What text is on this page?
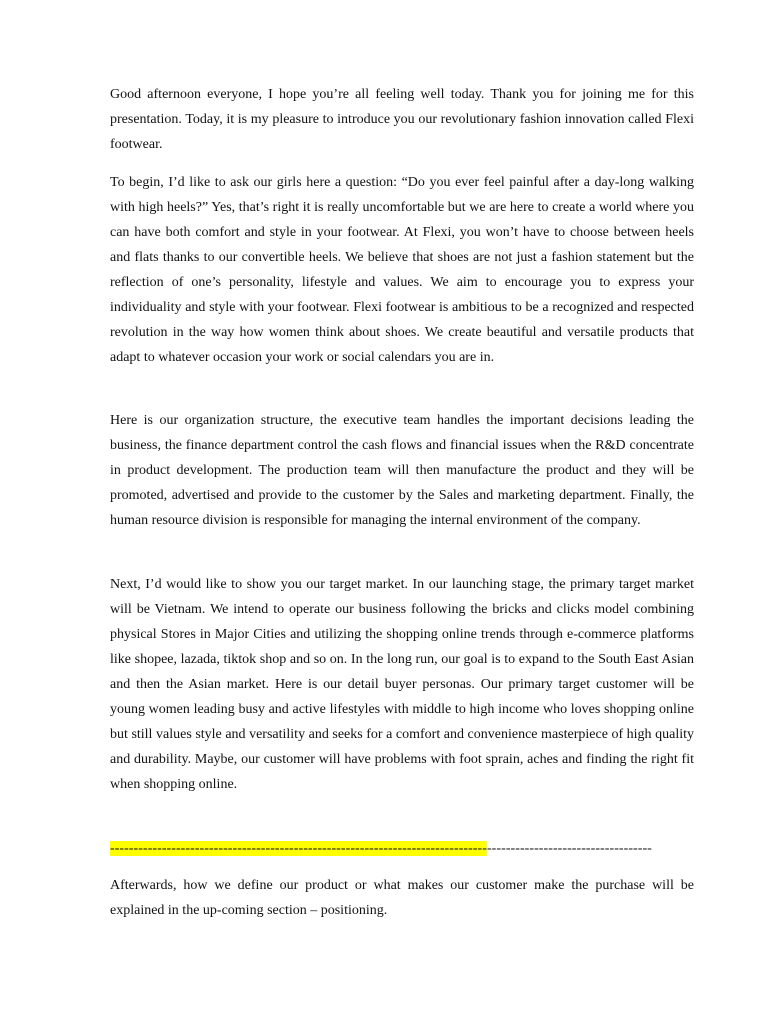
Good afternoon everyone, I hope you’re all feeling well today. Thank you for joining me for this presentation. Today, it is my pleasure to introduce you our revolutionary fashion innovation called Flexi footwear.

To begin, I’d like to ask our girls here a question: “Do you ever feel painful after a day-long walking with high heels?” Yes, that’s right it is really uncomfortable but we are here to create a world where you can have both comfort and style in your footwear. At Flexi, you won’t have to choose between heels and flats thanks to our convertible heels. We believe that shoes are not just a fashion statement but the reflection of one’s personality, lifestyle and values. We aim to encourage you to express your individuality and style with your footwear. Flexi footwear is ambitious to be a recognized and respected revolution in the way how women think about shoes. We create beautiful and versatile products that adapt to whatever occasion your work or social calendars you are in.

Here is our organization structure, the executive team handles the important decisions leading the business, the finance department control the cash flows and financial issues when the R&D concentrate in product development. The production team will then manufacture the product and they will be promoted, advertised and provide to the customer by the Sales and marketing department. Finally, the human resource division is responsible for managing the internal environment of the company.

Next, I’d would like to show you our target market. In our launching stage, the primary target market will be Vietnam. We intend to operate our business following the bricks and clicks model combining physical Stores in Major Cities and utilizing the shopping online trends through e-commerce platforms like shopee, lazada, tiktok shop and so on. In the long run, our goal is to expand to the South East Asian and then the Asian market. Here is our detail buyer personas. Our primary target customer will be young women leading busy and active lifestyles with middle to high income who loves shopping online but still values style and versatility and seeks for a comfort and convenience masterpiece of high quality and durability. Maybe, our customer will have problems with foot sprain, aches and finding the right fit when shopping online.

-------------------------------------------------------------------------------------------------------------------

Afterwards, how we define our product or what makes our customer make the purchase will be explained in the up-coming section – positioning.
